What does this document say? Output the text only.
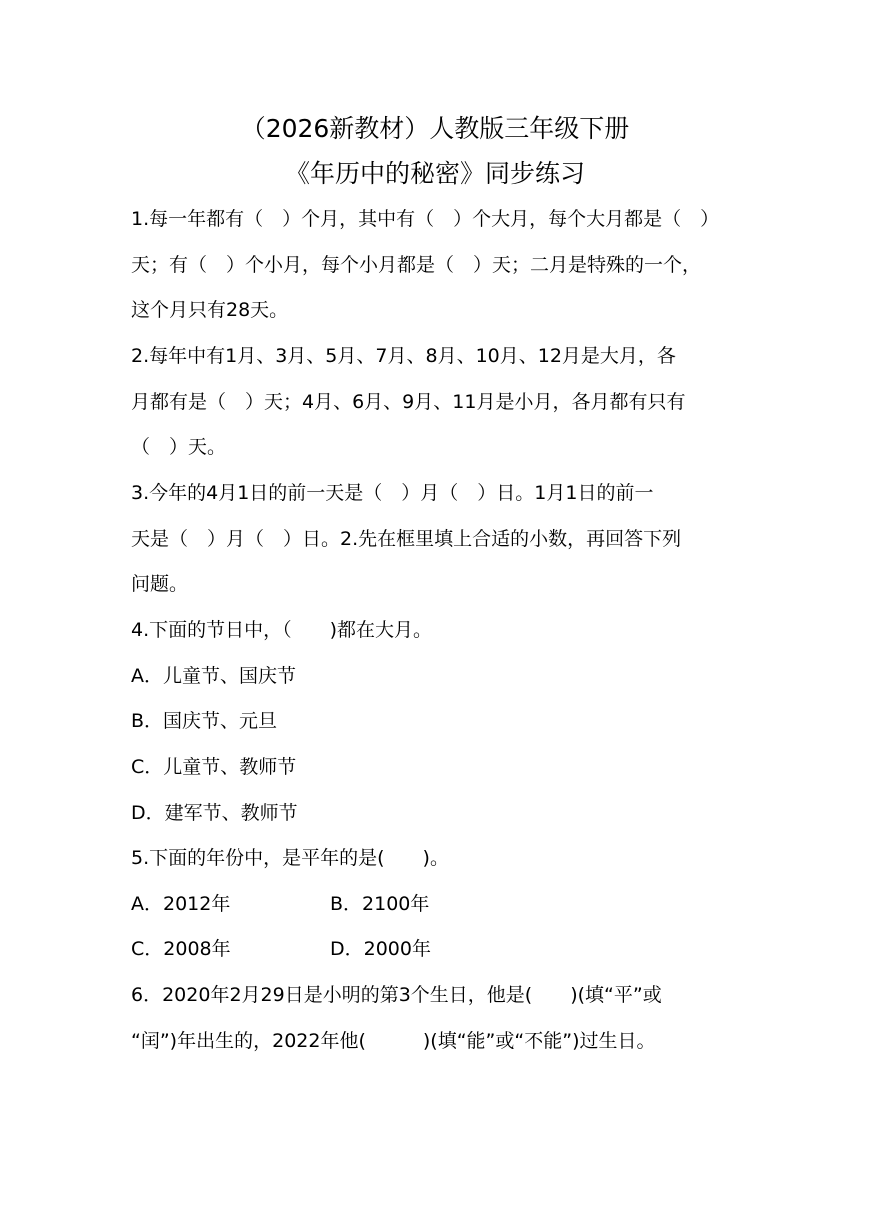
（2026新教材）人教版三年级下册
《年历中的秘密》同步练习
1.每一年都有（　）个月，其中有（　）个大月，每个大月都是（　）
天；有（　）个小月，每个小月都是（　）天；二月是特殊的一个，
这个月只有28天。
2.每年中有1月、3月、5月、7月、8月、10月、12月是大月，各
月都有是（　）天；4月、6月、9月、11月是小月，各月都有只有
（　）天。
3.今年的4月1日的前一天是（　）月（　）日。1月1日的前一
天是（　）月（　）日。2.先在框里填上合适的小数，再回答下列
问题。
4.下面的节日中，（　　)都在大月。
A．儿童节、国庆节
B．国庆节、元旦
C．儿童节、教师节
D．建军节、教师节
5.下面的年份中，是平年的是(　　)。
A．2012年	B．2100年
C．2008年	D．2000年
6．2020年2月29日是小明的第3个生日，他是(　　)(填“平”或
“闰”)年出生的，2022年他(　　　)(填“能”或“不能”)过生日。
